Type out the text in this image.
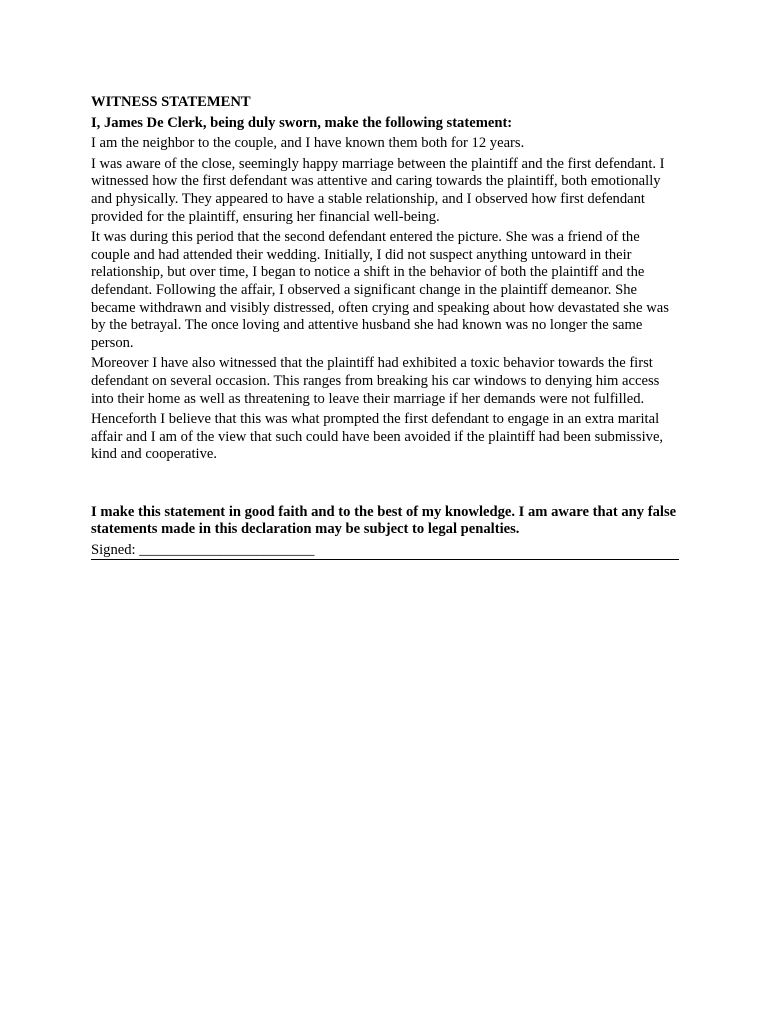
WITNESS STATEMENT
I, James De Clerk, being duly sworn, make the following statement:
I am the neighbor to the couple, and I have known them both for 12 years.
I was aware of the close, seemingly happy marriage between the plaintiff and the first defendant. I witnessed how the first defendant was attentive and caring towards the plaintiff, both emotionally and physically. They appeared to have a stable relationship, and I observed how first defendant provided for the plaintiff, ensuring her financial well-being.
It was during this period that the second defendant entered the picture. She was a friend of the couple and had attended their wedding. Initially, I did not suspect anything untoward in their relationship, but over time, I began to notice a shift in the behavior of both the plaintiff and the defendant. Following the affair, I observed a significant change in the plaintiff demeanor. She became withdrawn and visibly distressed, often crying and speaking about how devastated she was by the betrayal. The once loving and attentive husband she had known was no longer the same person.
Moreover I have also witnessed that the plaintiff had exhibited a toxic behavior towards the first defendant on several occasion. This ranges from breaking his car windows to denying him access into their home as well as threatening to leave their marriage if her demands were not fulfilled.
Henceforth I believe that this was what prompted the first defendant to engage in an extra marital affair and I am of the view that such could have been avoided if the plaintiff had been submissive, kind and cooperative.
I make this statement in good faith and to the best of my knowledge. I am aware that any false statements made in this declaration may be subject to legal penalties.
Signed: ________________________
